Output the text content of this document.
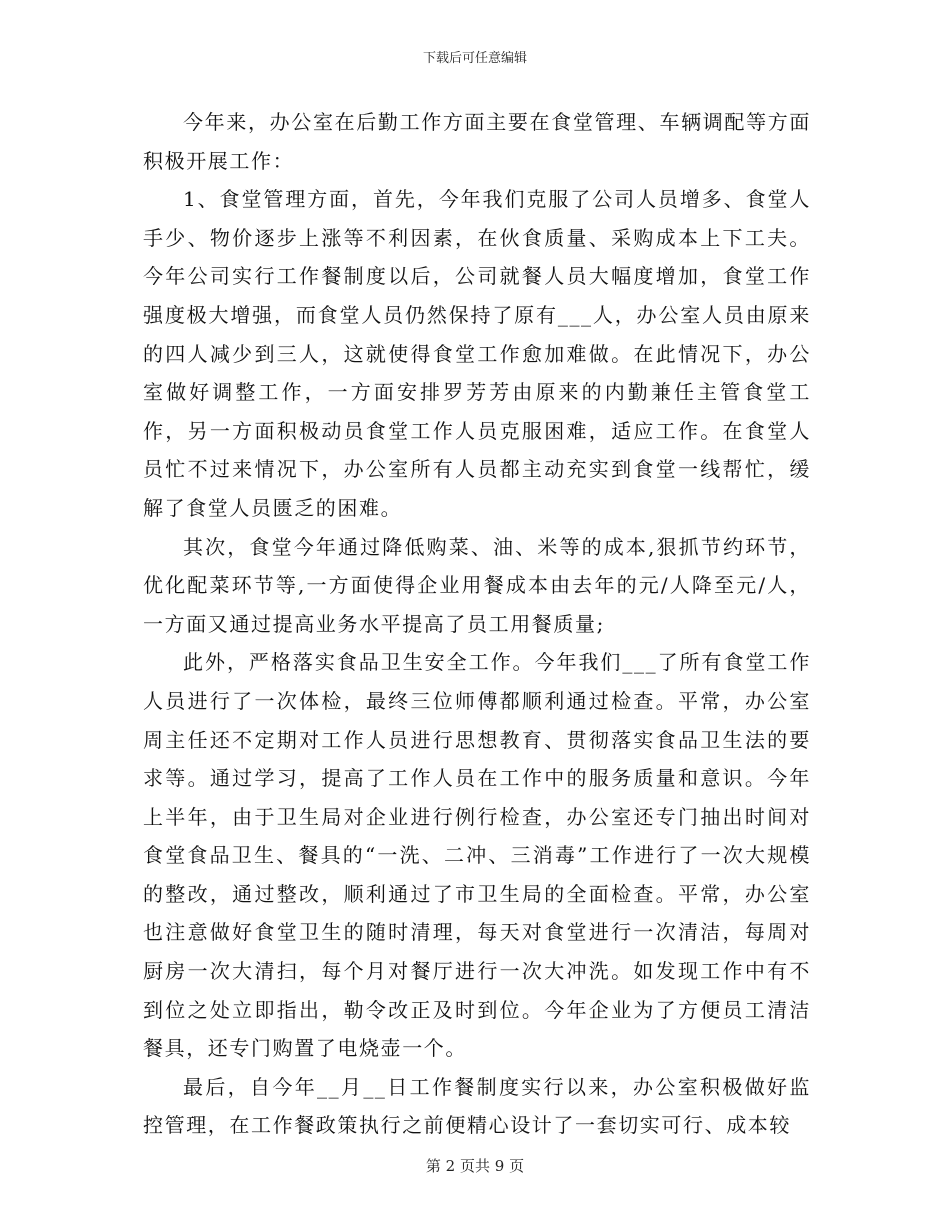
下载后可任意编辑

今年来，办公室在后勤工作方面主要在食堂管理、车辆调配等方面积极开展工作：

1、食堂管理方面，首先，今年我们克服了公司人员增多、食堂人手少、物价逐步上涨等不利因素，在伙食质量、采购成本上下工夫。今年公司实行工作餐制度以后，公司就餐人员大幅度增加，食堂工作强度极大增强，而食堂人员仍然保持了原有___人，办公室人员由原来的四人减少到三人，这就使得食堂工作愈加难做。在此情况下，办公室做好调整工作，一方面安排罗芳芳由原来的内勤兼任主管食堂工作，另一方面积极动员食堂工作人员克服困难，适应工作。在食堂人员忙不过来情况下，办公室所有人员都主动充实到食堂一线帮忙，缓解了食堂人员匮乏的困难。

其次，食堂今年通过降低购菜、油、米等的成本,狠抓节约环节，优化配菜环节等,一方面使得企业用餐成本由去年的元/人降至元/人，一方面又通过提高业务水平提高了员工用餐质量;

此外，严格落实食品卫生安全工作。今年我们___了所有食堂工作人员进行了一次体检，最终三位师傅都顺利通过检查。平常，办公室周主任还不定期对工作人员进行思想教育、贯彻落实食品卫生法的要求等。通过学习，提高了工作人员在工作中的服务质量和意识。今年上半年，由于卫生局对企业进行例行检查，办公室还专门抽出时间对食堂食品卫生、餐具的“一洗、二冲、三消毒”工作进行了一次大规模的整改，通过整改，顺利通过了市卫生局的全面检查。平常，办公室也注意做好食堂卫生的随时清理，每天对食堂进行一次清洁，每周对厨房一次大清扫，每个月对餐厅进行一次大冲洗。如发现工作中有不到位之处立即指出，勒令改正及时到位。今年企业为了方便员工清洁餐具，还专门购置了电烧壶一个。

最后，自今年__月__日工作餐制度实行以来，办公室积极做好监控管理，在工作餐政策执行之前便精心设计了一套切实可行、成本较

第 2 页共 9 页
